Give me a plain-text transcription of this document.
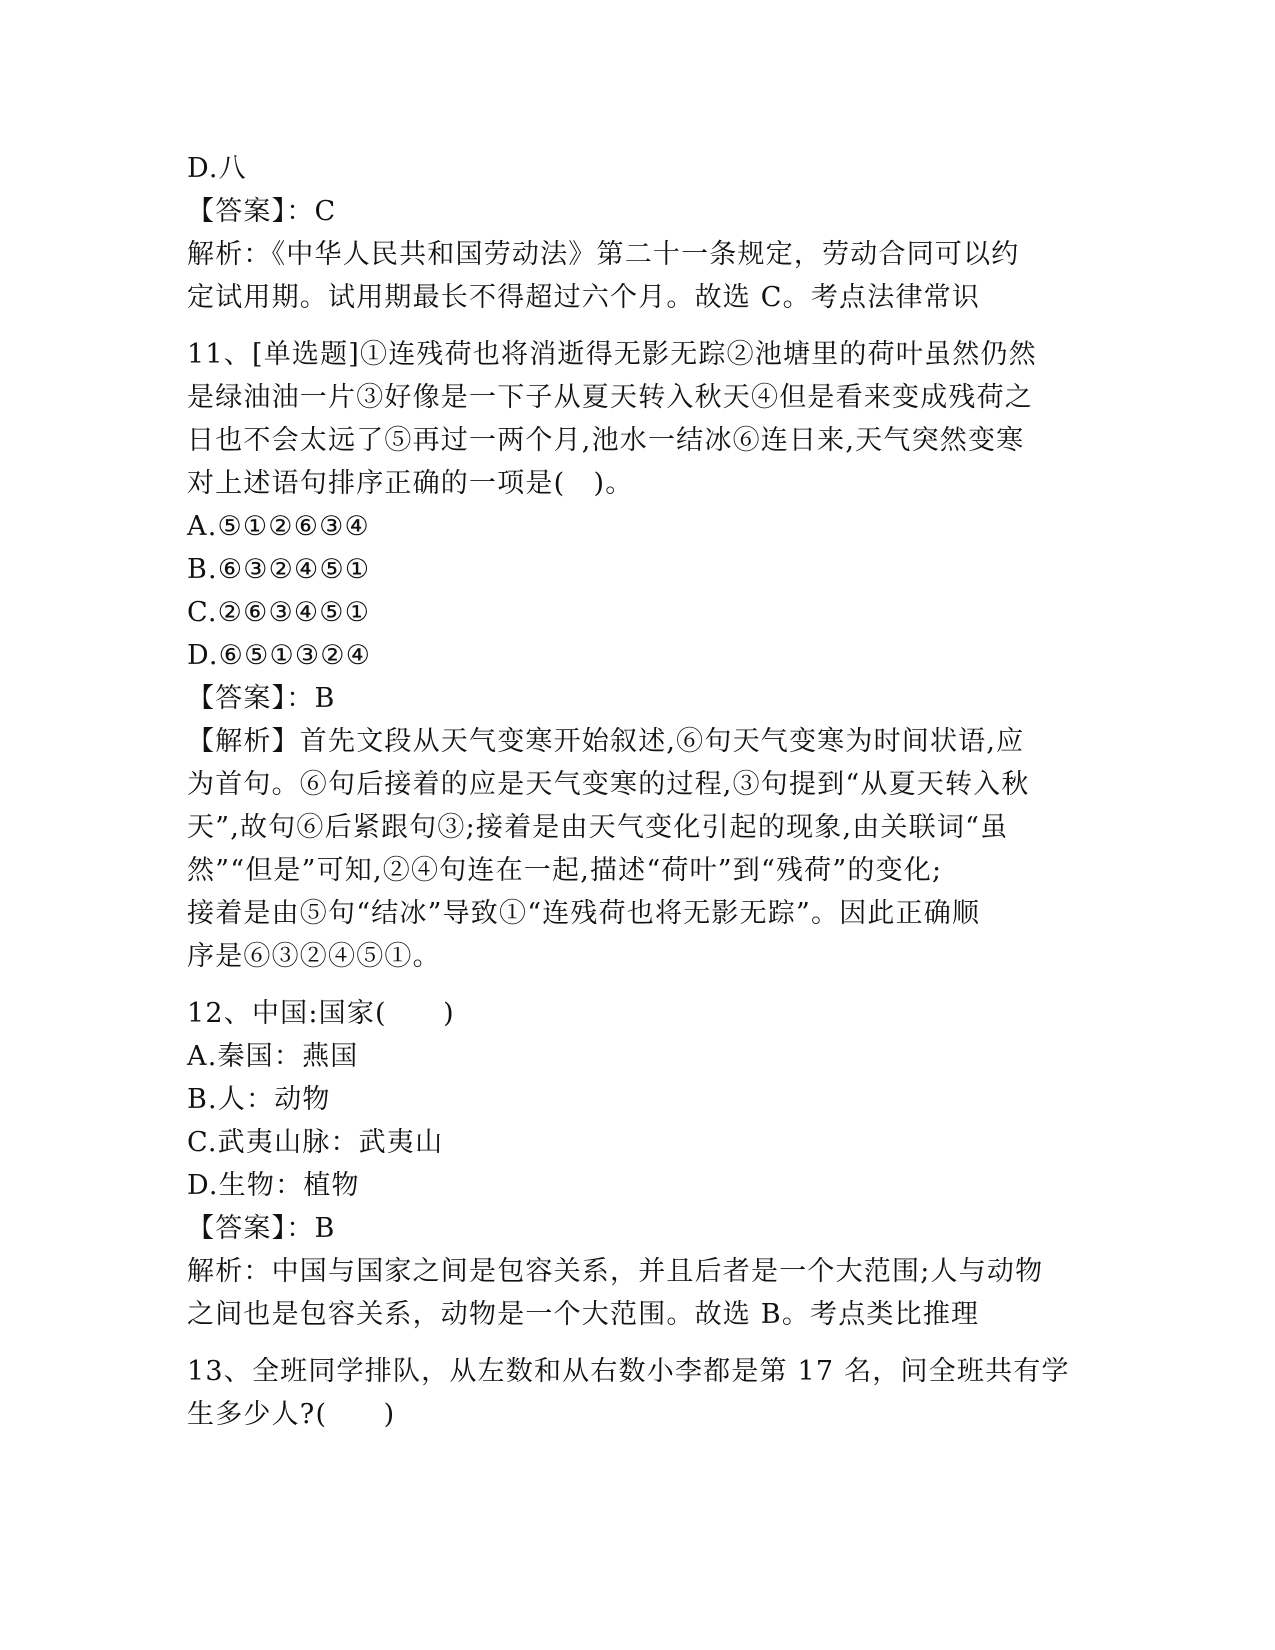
D.八
【答案】：C
解析：《中华人民共和国劳动法》第二十一条规定，劳动合同可以约
定试用期。试用期最长不得超过六个月。故选 C。考点法律常识
11、[单选题]①连残荷也将消逝得无影无踪②池塘里的荷叶虽然仍然
是绿油油一片③好像是一下子从夏天转入秋天④但是看来变成残荷之
日也不会太远了⑤再过一两个月,池水一结冰⑥连日来,天气突然变寒
对上述语句排序正确的一项是(　)。
A.⑤①②⑥③④
B.⑥③②④⑤①
C.②⑥③④⑤①
D.⑥⑤①③②④
【答案】：B
【解析】首先文段从天气变寒开始叙述,⑥句天气变寒为时间状语,应
为首句。⑥句后接着的应是天气变寒的过程,③句提到“从夏天转入秋
天”,故句⑥后紧跟句③;接着是由天气变化引起的现象,由关联词“虽
然”“但是”可知,②④句连在一起,描述“荷叶”到“残荷”的变化;
接着是由⑤句“结冰”导致①“连残荷也将无影无踪”。因此正确顺
序是⑥③②④⑤①。
12、中国:国家(　　)
A.秦国：燕国
B.人：动物
C.武夷山脉：武夷山
D.生物：植物
【答案】：B
解析：中国与国家之间是包容关系，并且后者是一个大范围;人与动物
之间也是包容关系，动物是一个大范围。故选 B。考点类比推理
13、全班同学排队，从左数和从右数小李都是第 17 名，问全班共有学
生多少人?(　　)
